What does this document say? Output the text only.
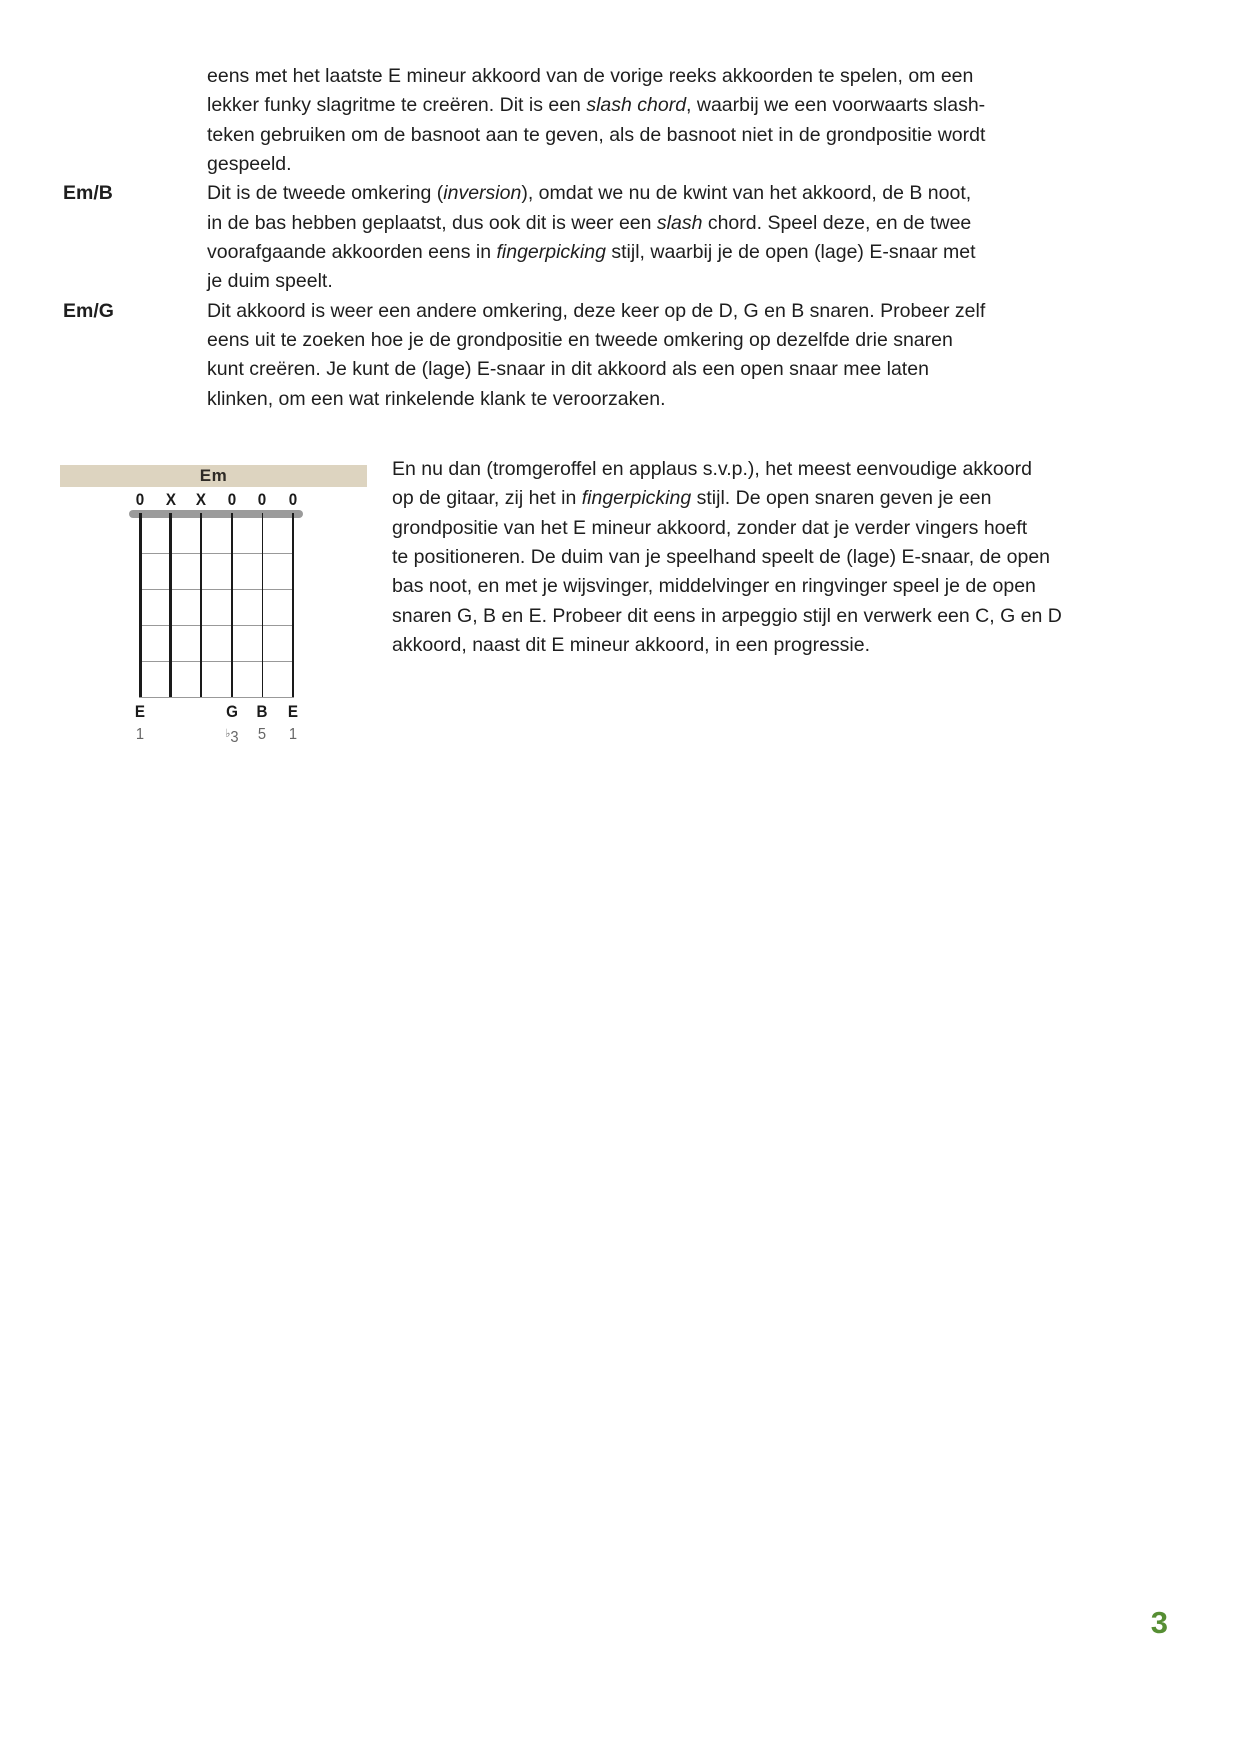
eens met het laatste E mineur akkoord van de vorige reeks akkoorden te spelen, om een
lekker funky slagritme te creëren. Dit is een slash chord, waarbij we een voorwaarts slash-
teken gebruiken om de basnoot aan te geven, als de basnoot niet in de grondpositie wordt
gespeeld.
Em/B	Dit is de tweede omkering (inversion), omdat we nu de kwint van het akkoord, de B noot,
in de bas hebben geplaatst, dus ook dit is weer een slash chord. Speel deze, en de twee
voorafgaande akkoorden eens in fingerpicking stijl, waarbij je de open (lage) E-snaar met
je duim speelt.
Em/G	Dit akkoord is weer een andere omkering, deze keer op de D, G en B snaren. Probeer zelf
eens uit te zoeken hoe je de grondpositie en tweede omkering op dezelfde drie snaren
kunt creëren. Je kunt de (lage) E-snaar in dit akkoord als een open snaar mee laten
klinken, om een wat rinkelende klank te veroorzaken.
Em
0	X	X	0	0	0
E	G	B	E
1	♭3	5	1
En nu dan (tromgeroffel en applaus s.v.p.), het meest eenvoudige akkoord
op de gitaar, zij het in fingerpicking stijl. De open snaren geven je een
grondpositie van het E mineur akkoord, zonder dat je verder vingers hoeft
te positioneren. De duim van je speelhand speelt de (lage) E-snaar, de open
bas noot, en met je wijsvinger, middelvinger en ringvinger speel je de open
snaren G, B en E. Probeer dit eens in arpeggio stijl en verwerk een C, G en D
akkoord, naast dit E mineur akkoord, in een progressie.
3
